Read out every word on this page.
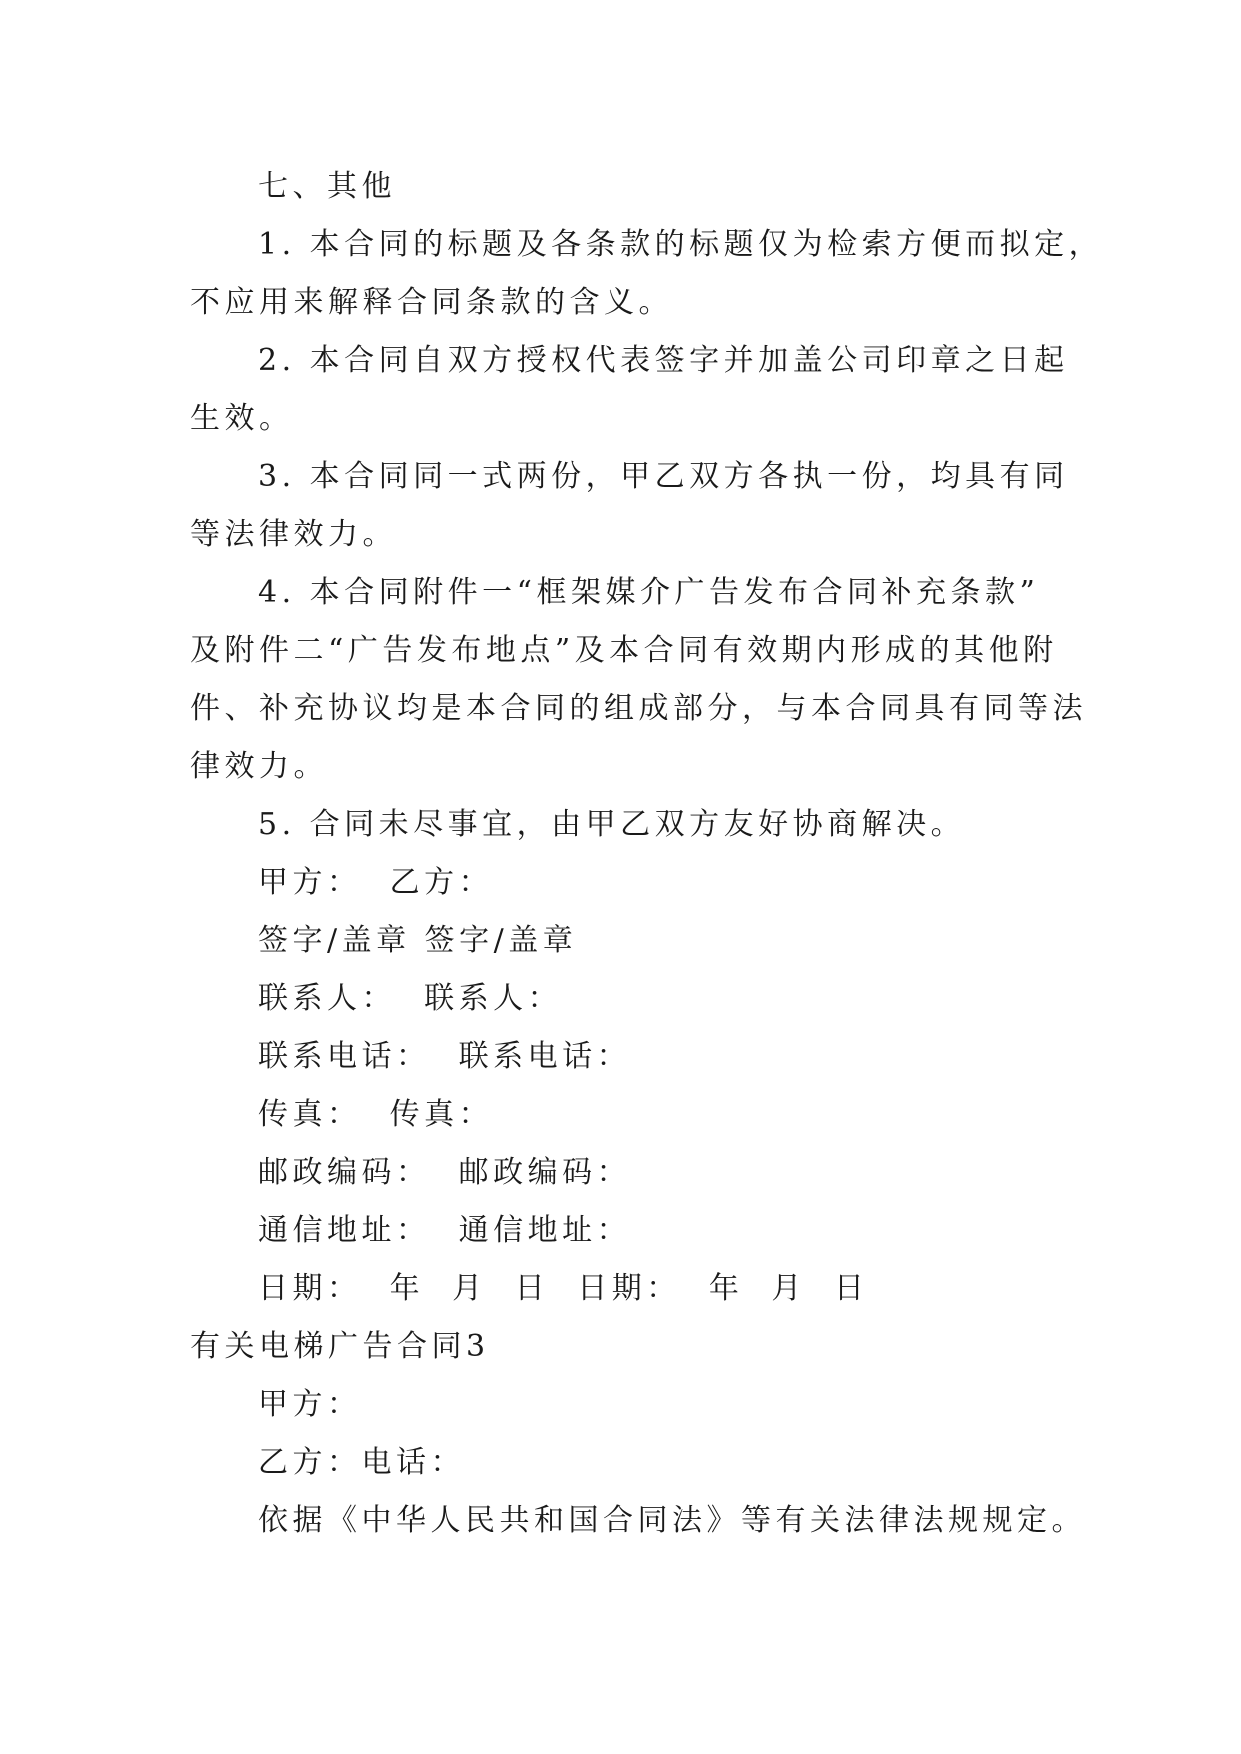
七、其他
1. 本合同的标题及各条款的标题仅为检索方便而拟定，
不应用来解释合同条款的含义。
2. 本合同自双方授权代表签字并加盖公司印章之日起
生效。
3. 本合同同一式两份，甲乙双方各执一份，均具有同
等法律效力。
4. 本合同附件一“框架媒介广告发布合同补充条款”
及附件二“广告发布地点”及本合同有效期内形成的其他附
件、补充协议均是本合同的组成部分，与本合同具有同等法
律效力。
5. 合同未尽事宜，由甲乙双方友好协商解决。
甲方：  乙方：
签字/盖章 签字/盖章
联系人：  联系人：
联系电话：  联系电话：
传真：  传真：
邮政编码：  邮政编码：
通信地址：  通信地址：
日期：  年  月  日  日期：  年  月  日
有关电梯广告合同3
甲方：
乙方：电话：
依据《中华人民共和国合同法》等有关法律法规规定。
